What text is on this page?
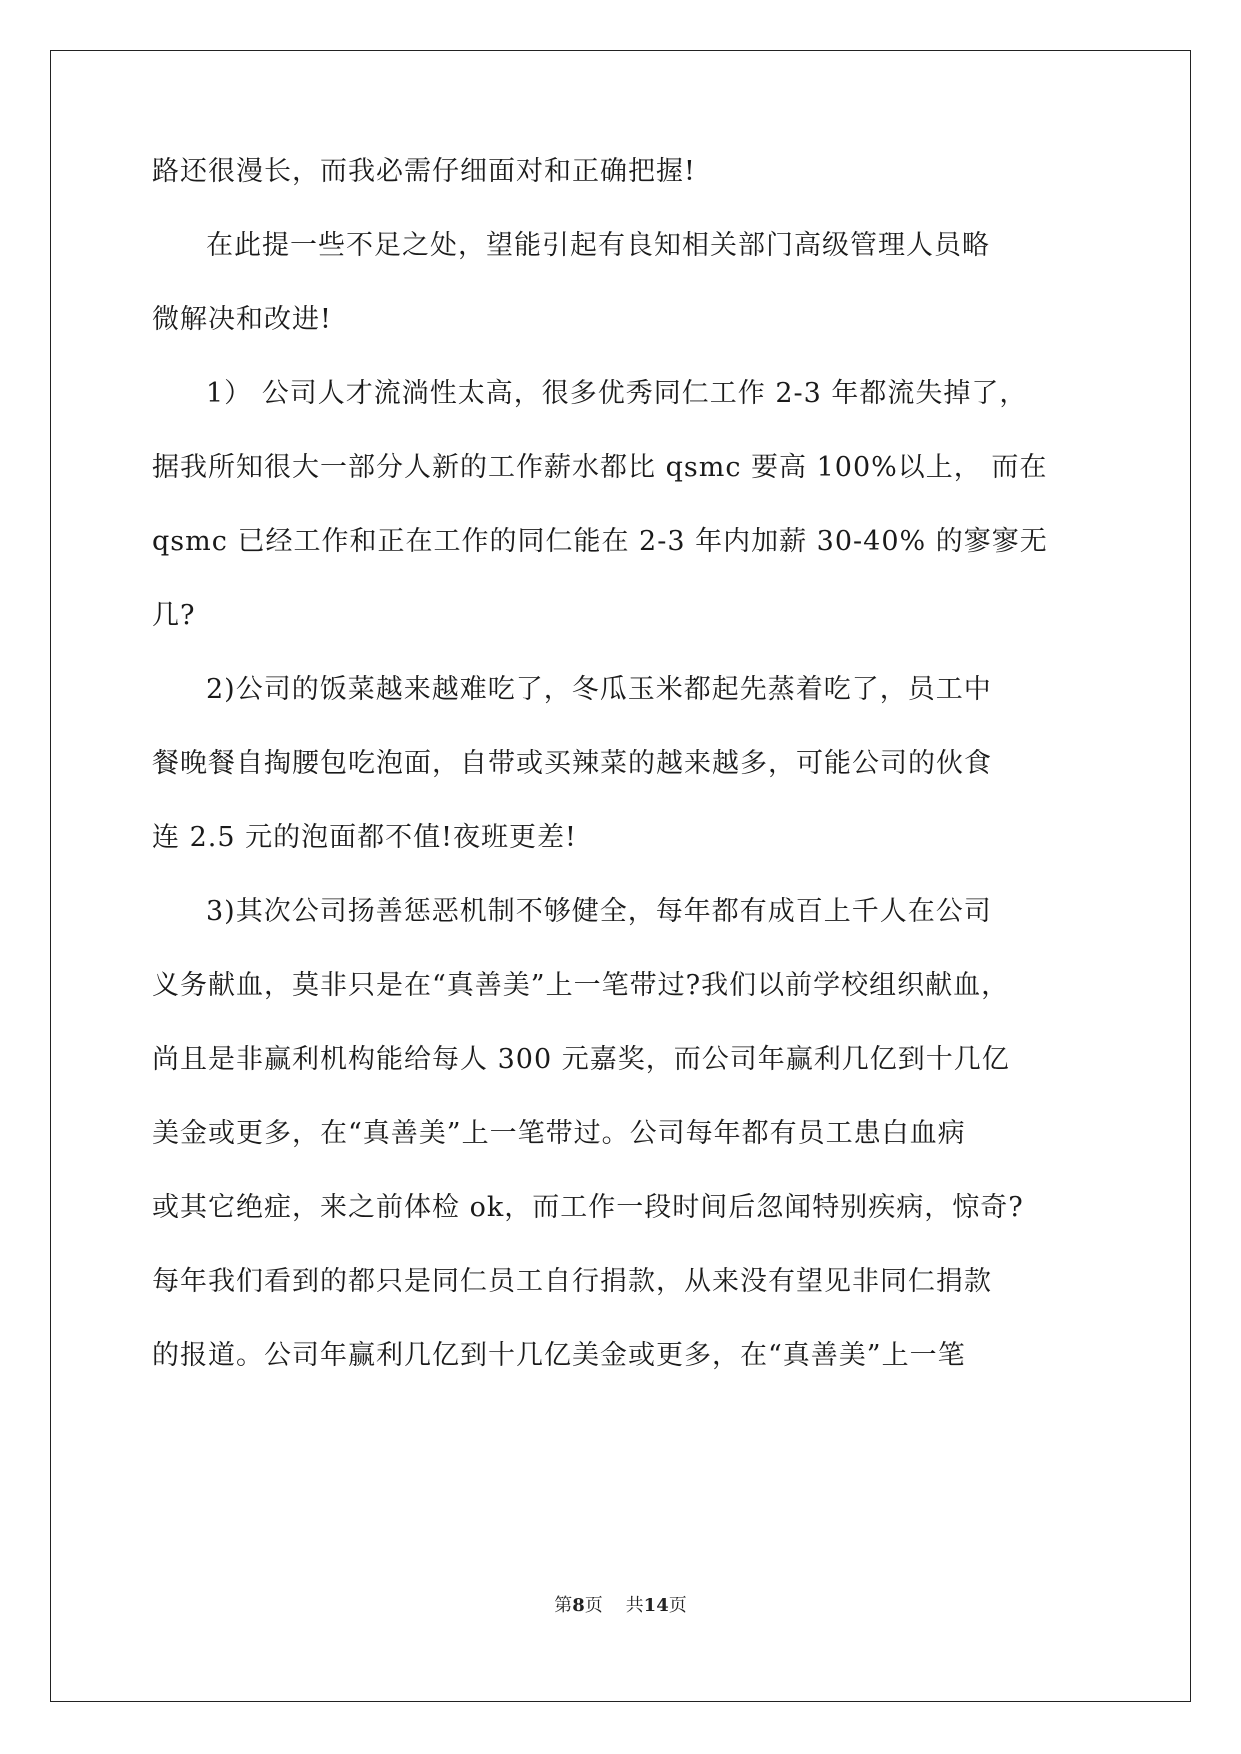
路还很漫长，而我必需仔细面对和正确把握!
在此提一些不足之处，望能引起有良知相关部门高级管理人员略
微解决和改进!
1） 公司人才流淌性太高，很多优秀同仁工作 2-3 年都流失掉了，
据我所知很大一部分人新的工作薪水都比 qsmc 要高 100%以上， 而在
qsmc 已经工作和正在工作的同仁能在 2-3 年内加薪 30-40% 的寥寥无
几?
2)公司的饭菜越来越难吃了，冬瓜玉米都起先蒸着吃了，员工中
餐晚餐自掏腰包吃泡面，自带或买辣菜的越来越多，可能公司的伙食
连 2.5 元的泡面都不值!夜班更差!
3)其次公司扬善惩恶机制不够健全，每年都有成百上千人在公司
义务献血，莫非只是在“真善美”上一笔带过?我们以前学校组织献血，
尚且是非赢利机构能给每人 300 元嘉奖，而公司年赢利几亿到十几亿
美金或更多，在“真善美”上一笔带过。公司每年都有员工患白血病
或其它绝症，来之前体检 ok，而工作一段时间后忽闻特别疾病，惊奇?
每年我们看到的都只是同仁员工自行捐款，从来没有望见非同仁捐款
的报道。公司年赢利几亿到十几亿美金或更多，在“真善美”上一笔
第8页 共14页
